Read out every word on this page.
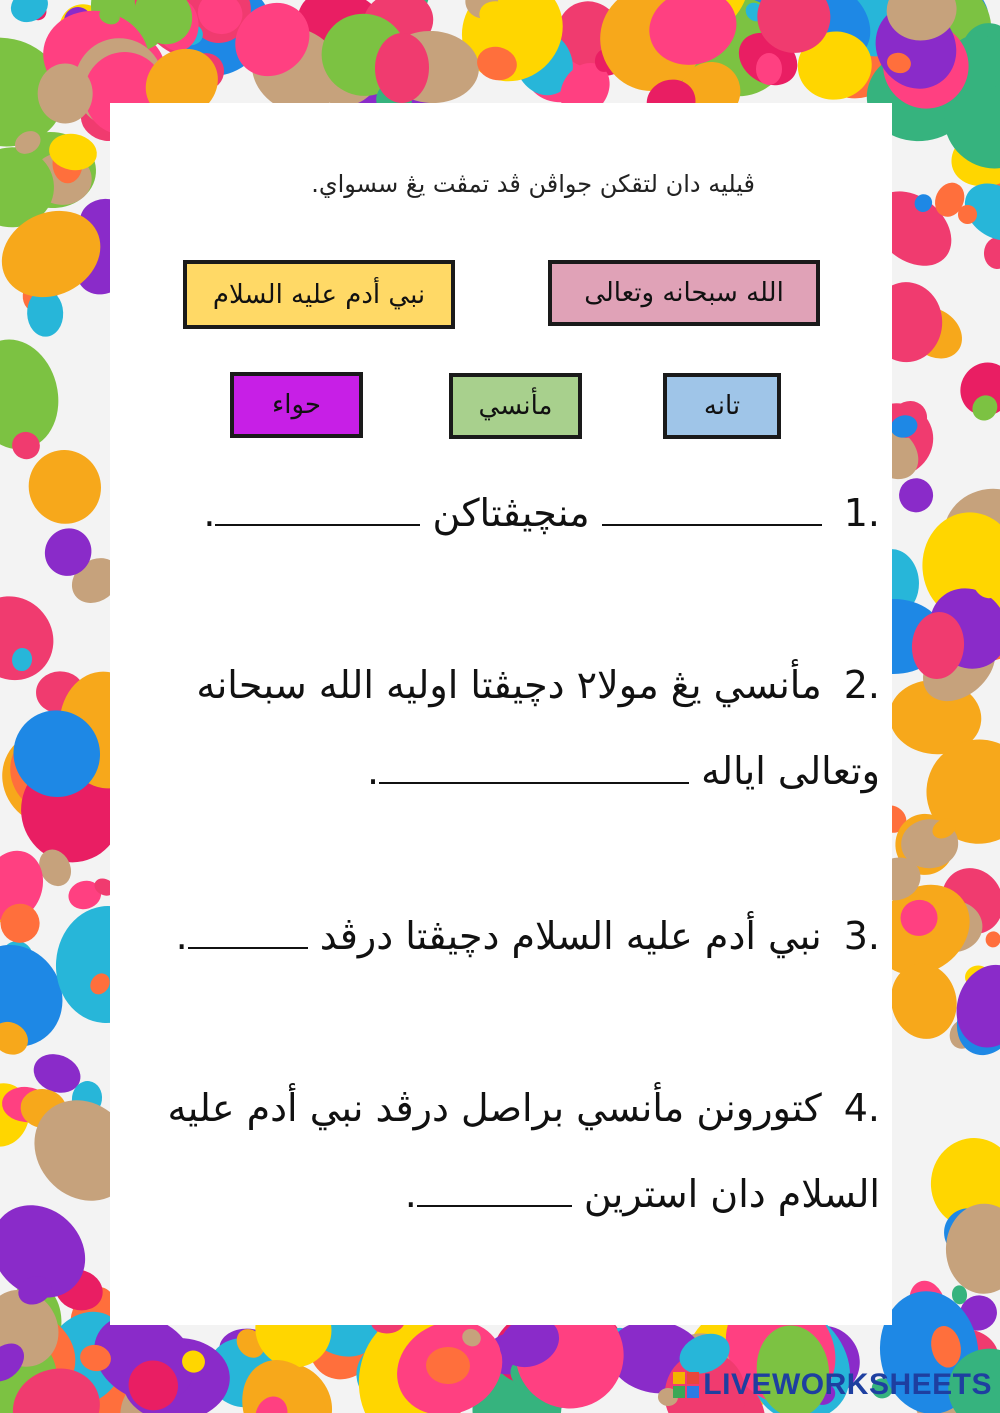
ڤيليه دان لتقكن جواڤن ڤد تمڤت يڠ سسواي.
الله سبحانه وتعالى
نبي أدم عليه السلام
تانه
مأنسي
حواء
1. منچيڤتاکن .
2.مأنسي يڠ مولا٢ دچيڤتا اوليه الله سبحانه
وتعالى اياله .
3.نبي أدم عليه السلام دچيڤتا درڤد .
4.کتورونن مأنسي براصل درڤد نبي أدم عليه
السلام دان استرين .
LIVEWORKSHEETS
